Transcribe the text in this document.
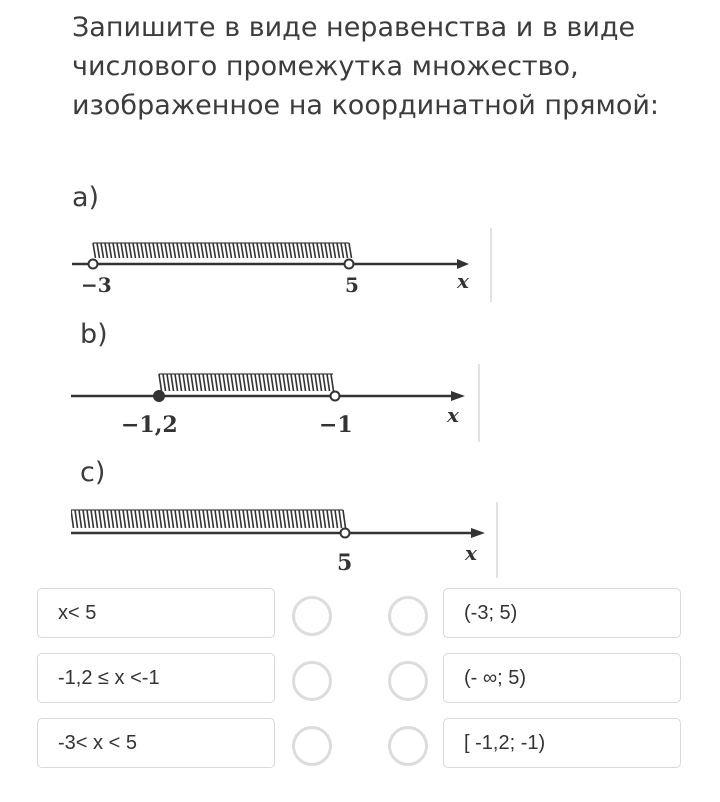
Запишите в виде неравенства и в виде числового промежутка множество, изображенное на координатной прямой:
a)
−3	5	x
b)
−1,2	−1	x
c)
5	x
x< 5
-1,2 ≤ x <-1
-3< x < 5
(-3; 5)
(- ∞; 5)
[ -1,2; -1)
